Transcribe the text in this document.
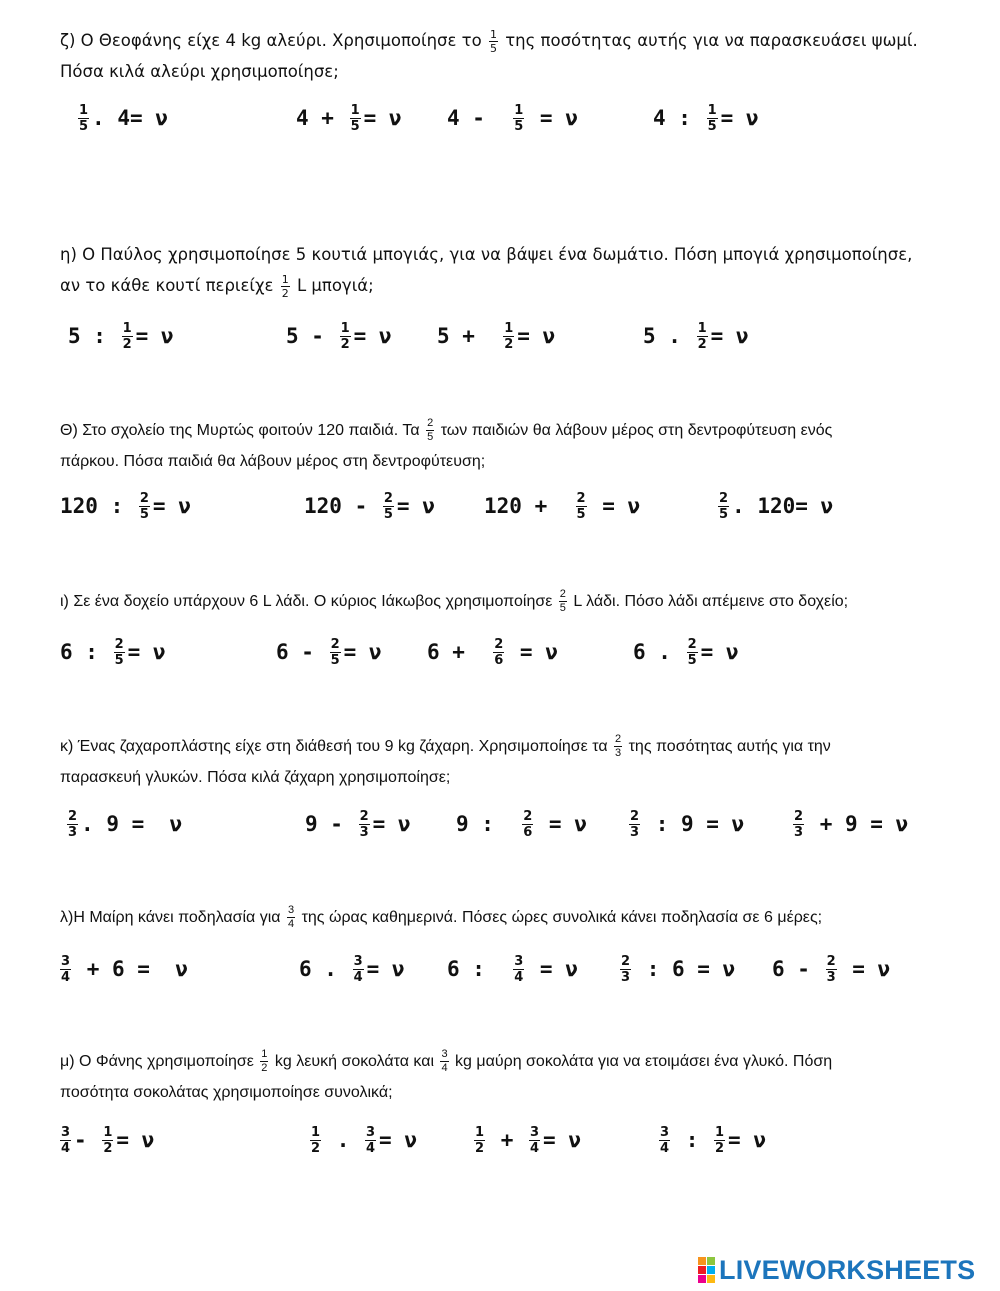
ζ) Ο Θεοφάνης είχε 4 kg αλεύρι. Χρησιμοποίησε το $\frac{1}{5}$ της ποσότητας αυτής για να παρασκευάσει ψωμί.
Πόσα κιλά αλεύρι χρησιμοποίησε;
$\frac{1}{5}$ . 4= ν	$4 + \frac{1}{5} = \nu$ $4 - \frac{1}{5} = \nu$	4 : $\frac{1}{5} = \nu$
η) Ο Παύλος χρησιμοποίησε 5 κουτιά μπογιάς, για να βάψει ένα δωμάτιο. Πόση μπογιά χρησιμοποίησε,
αν το κάθε κουτί περιείχε $\frac{1}{2}$ L μπογιά;
5 : $\frac{1}{2} = \nu$	$5 - \frac{1}{2} = \nu$ $5 + \frac{1}{2} = \nu$	5 . $\frac{1}{2} = \nu$
Θ) Στο σχολείο της Μυρτώς φοιτούν 120 παιδιά. Τα $\frac{2}{5}$ των παιδιών θα λάβουν μέρος στη δεντροφύτευση ενός
πάρκου. Πόσα παιδιά θα λάβουν μέρος στη δεντροφύτευση;
120 : $\frac{2}{5} = \nu$	$120 - \frac{2}{5} = \nu$ $120 + \frac{2}{5} = \nu$	$\frac{2}{5}$ . 120= ν
ι) Σε ένα δοχείο υπάρχουν 6 L λάδι. Ο κύριος Ιάκωβος χρησιμοποίησε $\frac{2}{5}$ L λάδι. Πόσο λάδι απέμεινε στο δοχείο;
6 : $\frac{2}{5} = \nu$	$6 - \frac{2}{5} = \nu$ $6 + \frac{2}{6} = \nu$	6 . $\frac{2}{5} = \nu$
κ) Ένας ζαχαροπλάστης είχε στη διάθεσή του 9 kg ζάχαρη. Χρησιμοποίησε τα $\frac{2}{3}$ της ποσότητας αυτής για την
παρασκευή γλυκών. Πόσα κιλά ζάχαρη χρησιμοποίησε;
$\frac{2}{3}$ . 9 =  ν	$9 - \frac{2}{3} = \nu$ 9 : $\frac{2}{6} = \nu$	$\frac{2}{3}$ : 9 = ν	$\frac{2}{3} + 9 = \nu$
λ)Η Μαίρη κάνει ποδηλασία για $\frac{3}{4}$ της ώρας καθημερινά. Πόσες ώρες συνολικά κάνει ποδηλασία σε 6 μέρες;
$\frac{3}{4} + 6 = \nu$	6 . $\frac{3}{4} = \nu$ 6 : $\frac{3}{4} = \nu$	$\frac{2}{3}$ : 6 = ν $6 - \frac{2}{3} = \nu$
μ) Ο Φάνης χρησιμοποίησε $\frac{1}{2}$ kg λευκή σοκολάτα και $\frac{3}{4}$ kg μαύρη σοκολάτα για να ετοιμάσει ένα γλυκό. Πόση
ποσότητα σοκολάτας χρησιμοποίησε συνολικά;
$\frac{3}{4} - \frac{1}{2} = \nu$	$\frac{1}{2}$ . $\frac{3}{4} = \nu$	$\frac{1}{2} + \frac{3}{4} = \nu$	$\frac{3}{4}$ : $\frac{1}{2} = \nu$
LIVEWORKSHEETS
